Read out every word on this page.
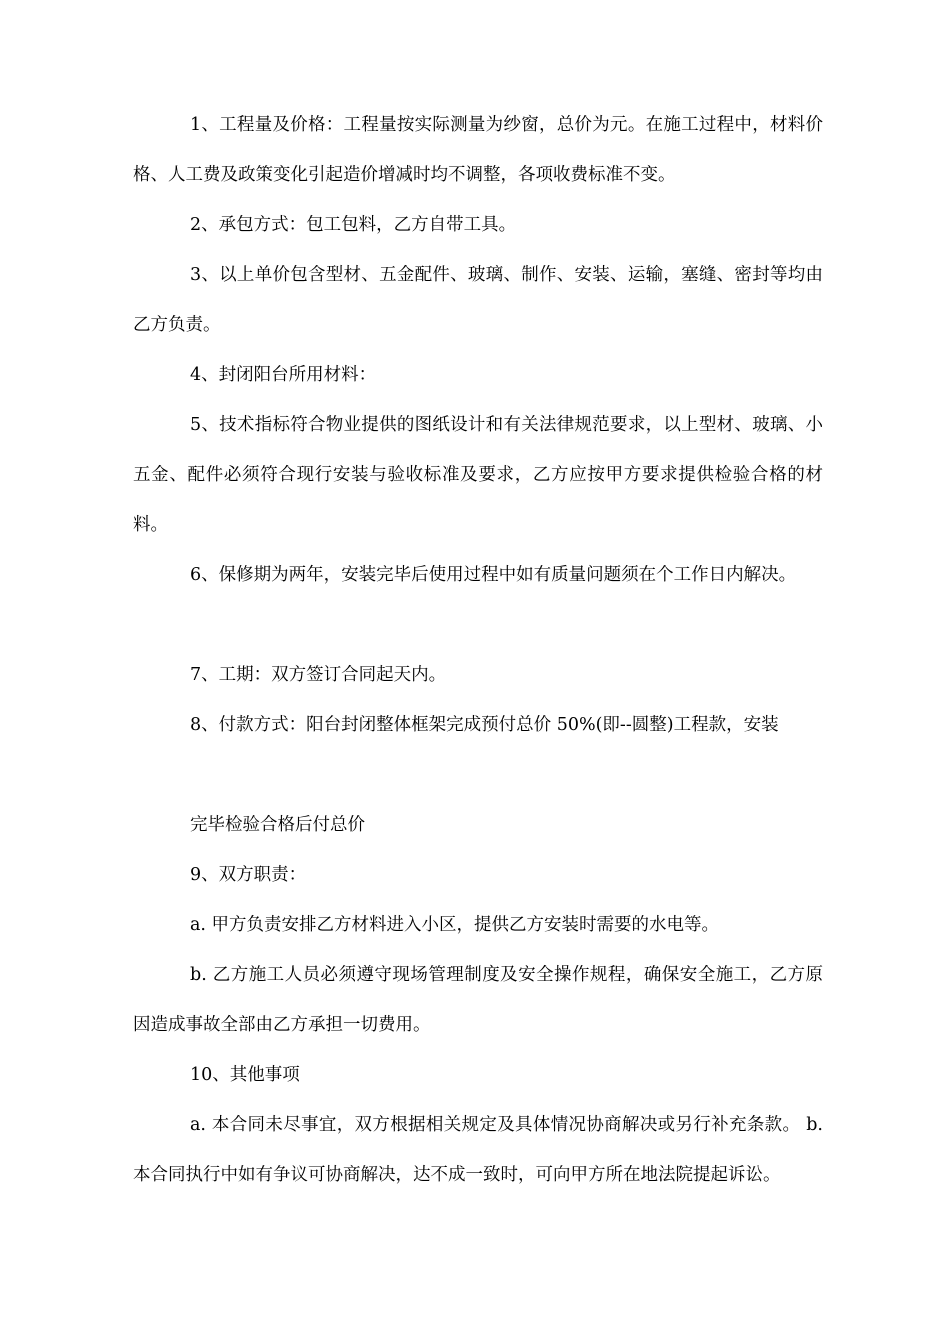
1、工程量及价格：工程量按实际测量为纱窗，总价为元。在施工过程中，材料价格、人工费及政策变化引起造价增减时均不调整，各项收费标准不变。

2、承包方式：包工包料，乙方自带工具。

3、以上单价包含型材、五金配件、玻璃、制作、安装、运输，塞缝、密封等均由乙方负责。

4、封闭阳台所用材料：

5、技术指标符合物业提供的图纸设计和有关法律规范要求，以上型材、玻璃、小五金、配件必须符合现行安装与验收标准及要求，乙方应按甲方要求提供检验合格的材料。

6、保修期为两年，安装完毕后使用过程中如有质量问题须在个工作日内解决。

7、工期：双方签订合同起天内。

8、付款方式：阳台封闭整体框架完成预付总价 50%(即--圆整)工程款，安装

完毕检验合格后付总价

9、双方职责：

a. 甲方负责安排乙方材料进入小区，提供乙方安装时需要的水电等。

b. 乙方施工人员必须遵守现场管理制度及安全操作规程，确保安全施工，乙方原因造成事故全部由乙方承担一切费用。

10、其他事项

a. 本合同未尽事宜，双方根据相关规定及具体情况协商解决或另行补充条款。 b. 本合同执行中如有争议可协商解决，达不成一致时，可向甲方所在地法院提起诉讼。
